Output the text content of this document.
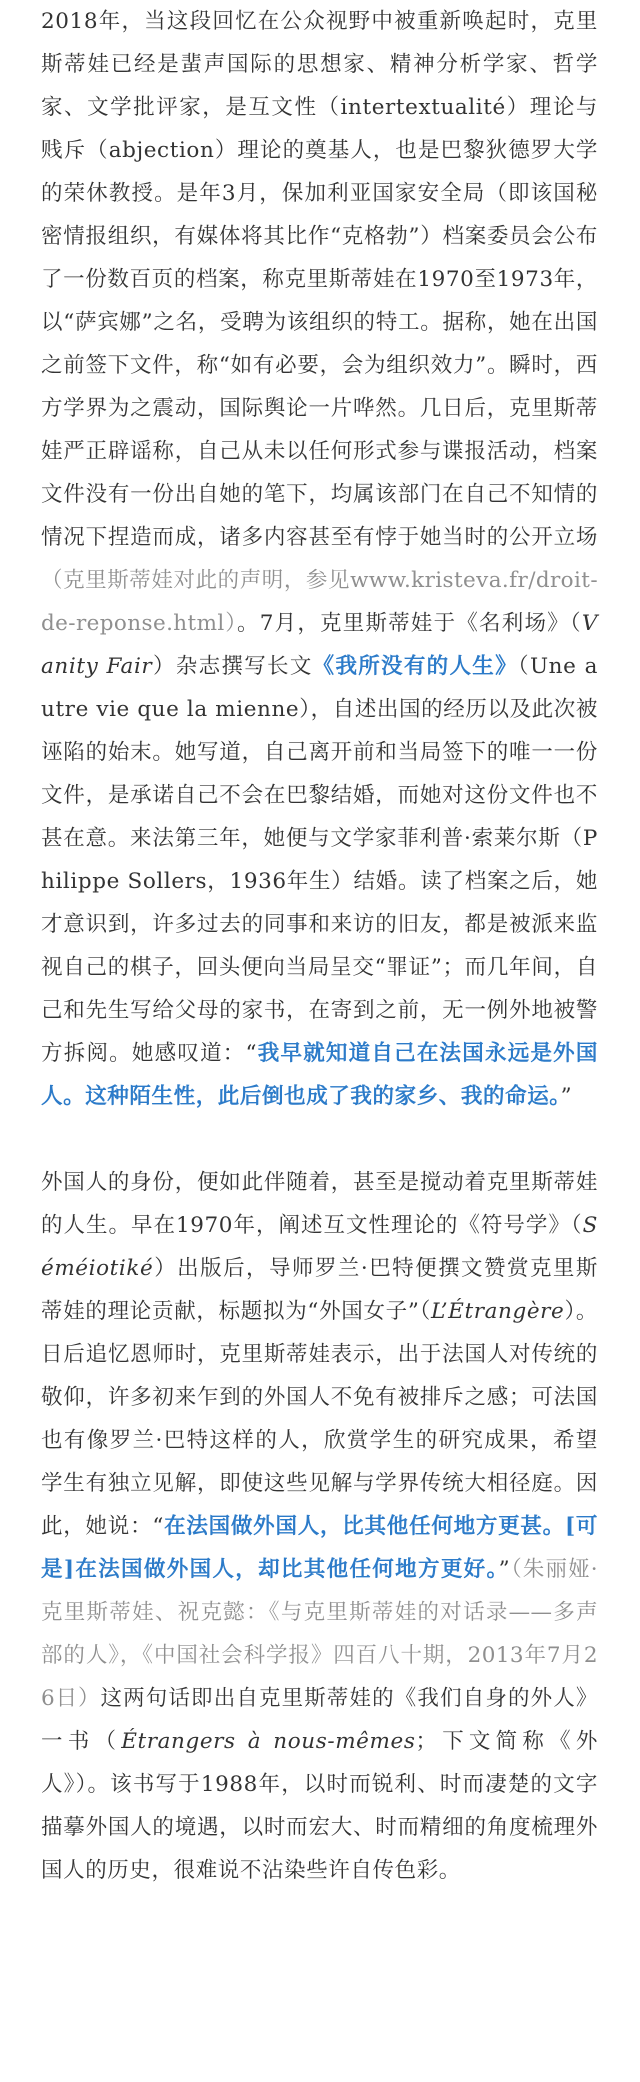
2018年，当这段回忆在公众视野中被重新唤起时，克里斯蒂娃已经是蜚声国际的思想家、精神分析学家、哲学家、文学批评家，是互文性（intertextualité）理论与贱斥（abjection）理论的奠基人，也是巴黎狄德罗大学的荣休教授。是年3月，保加利亚国家安全局（即该国秘密情报组织，有媒体将其比作“克格勃”）档案委员会公布了一份数百页的档案，称克里斯蒂娃在1970至1973年，以“萨宾娜”之名，受聘为该组织的特工。据称，她在出国之前签下文件，称“如有必要，会为组织效力”。瞬时，西方学界为之震动，国际舆论一片哗然。几日后，克里斯蒂娃严正辟谣称，自己从未以任何形式参与谍报活动，档案文件没有一份出自她的笔下，均属该部门在自己不知情的情况下捏造而成，诸多内容甚至有悖于她当时的公开立场（克里斯蒂娃对此的声明，参见www.kristeva.fr/droit-de-reponse.html）。7月，克里斯蒂娃于《名利场》（Vanity Fair）杂志撰写长文《我所没有的人生》（Une autre vie que la mienne），自述出国的经历以及此次被诬陷的始末。她写道，自己离开前和当局签下的唯一一份文件，是承诺自己不会在巴黎结婚，而她对这份文件也不甚在意。来法第三年，她便与文学家菲利普·索莱尔斯（Philippe Sollers，1936年生）结婚。读了档案之后，她才意识到，许多过去的同事和来访的旧友，都是被派来监视自己的棋子，回头便向当局呈交“罪证”；而几年间，自己和先生写给父母的家书，在寄到之前，无一例外地被警方拆阅。她感叹道：“我早就知道自己在法国永远是外国人。这种陌生性，此后倒也成了我的家乡、我的命运。”

外国人的身份，便如此伴随着，甚至是搅动着克里斯蒂娃的人生。早在1970年，阐述互文性理论的《符号学》（Séméiotiké）出版后，导师罗兰·巴特便撰文赞赏克里斯蒂娃的理论贡献，标题拟为“外国女子”（L’Étrangère）。日后追忆恩师时，克里斯蒂娃表示，出于法国人对传统的敬仰，许多初来乍到的外国人不免有被排斥之感；可法国也有像罗兰·巴特这样的人，欣赏学生的研究成果，希望学生有独立见解，即使这些见解与学界传统大相径庭。因此，她说：“在法国做外国人，比其他任何地方更甚。[可是]在法国做外国人，却比其他任何地方更好。”（朱丽娅·克里斯蒂娃、祝克懿：《与克里斯蒂娃的对话录——多声部的人》，《中国社会科学报》四百八十期，2013年7月26日）这两句话即出自克里斯蒂娃的《我们自身的外人》一书（Étrangers à nous-mêmes；下文简称《外人》）。该书写于1988年，以时而锐利、时而凄楚的文字描摹外国人的境遇，以时而宏大、时而精细的角度梳理外国人的历史，很难说不沾染些许自传色彩。
